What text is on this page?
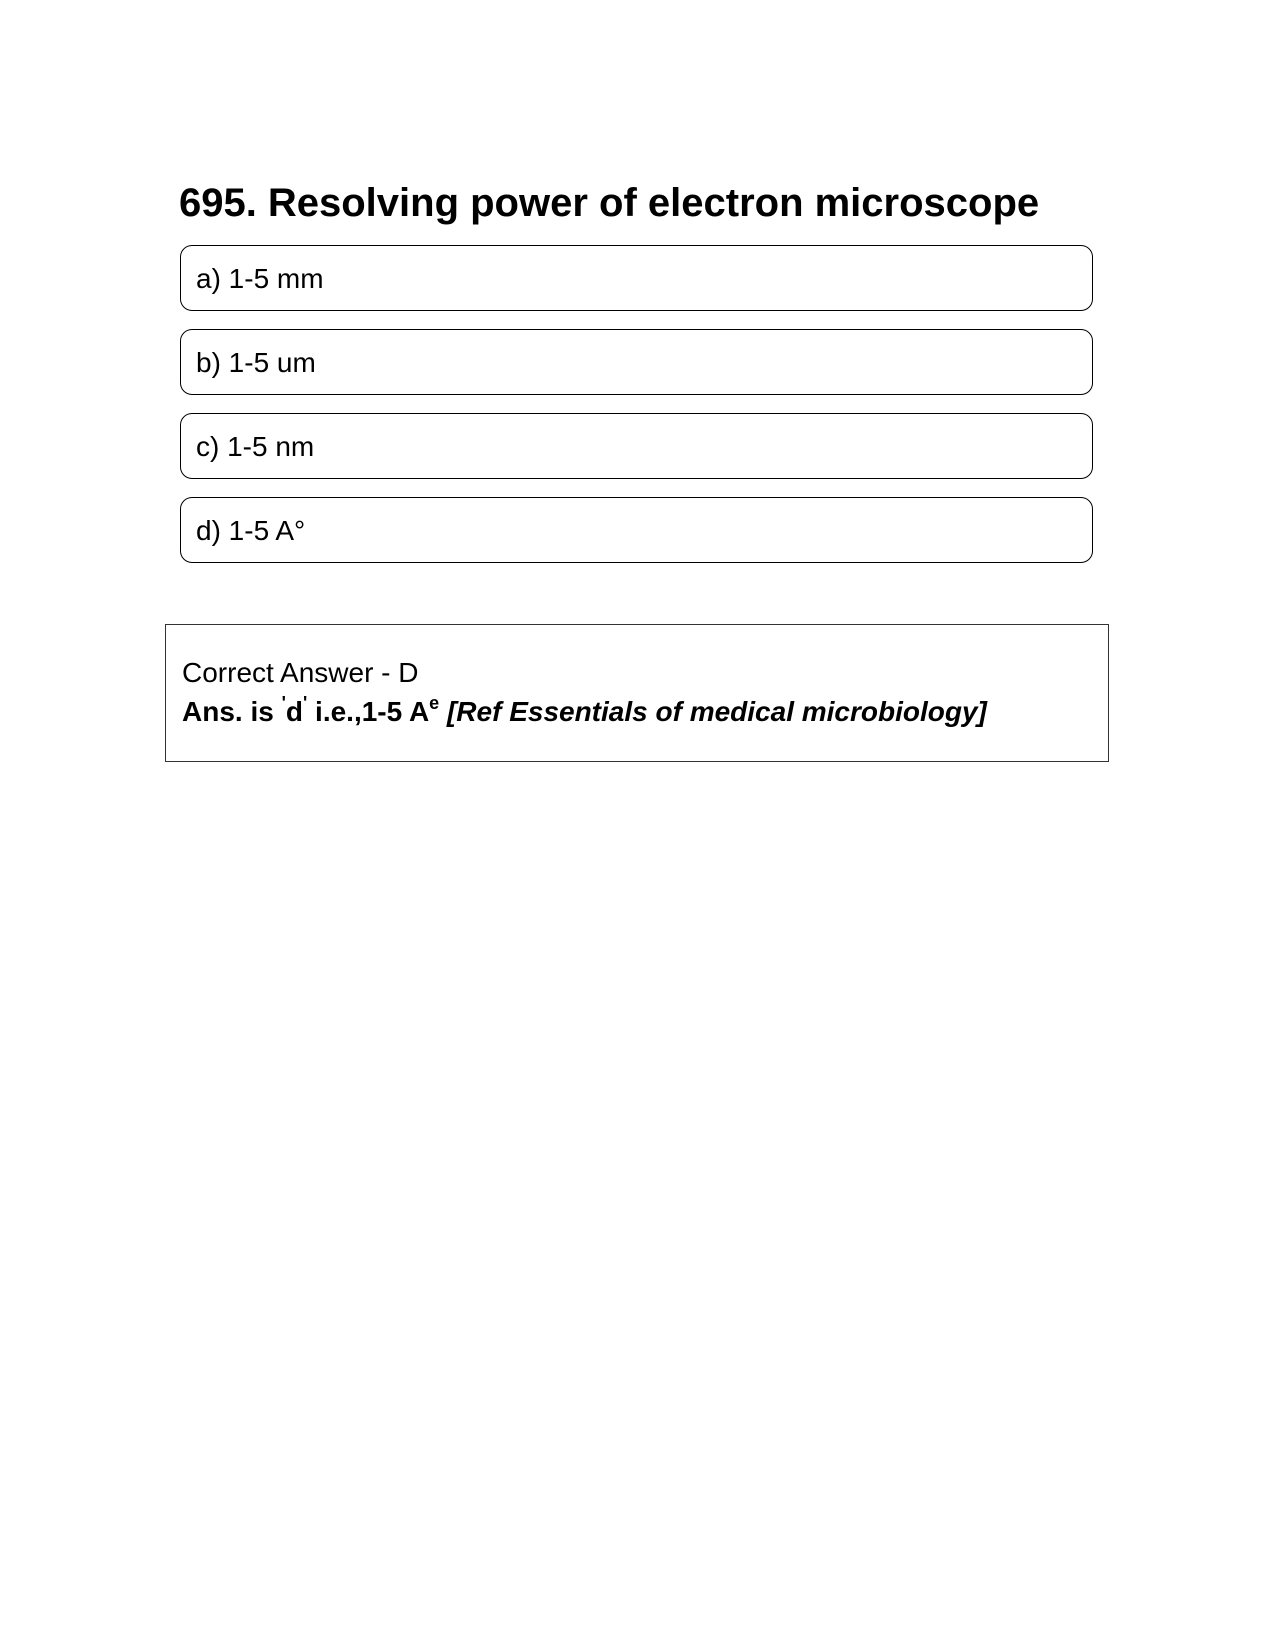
695. Resolving power of electron microscope
a) 1-5 mm
b) 1-5 um
c) 1-5 nm
d) 1-5 A°
Correct Answer - D
Ans. is 'd' i.e.,1-5 $A^e$ [Ref Essentials of medical microbiology]
